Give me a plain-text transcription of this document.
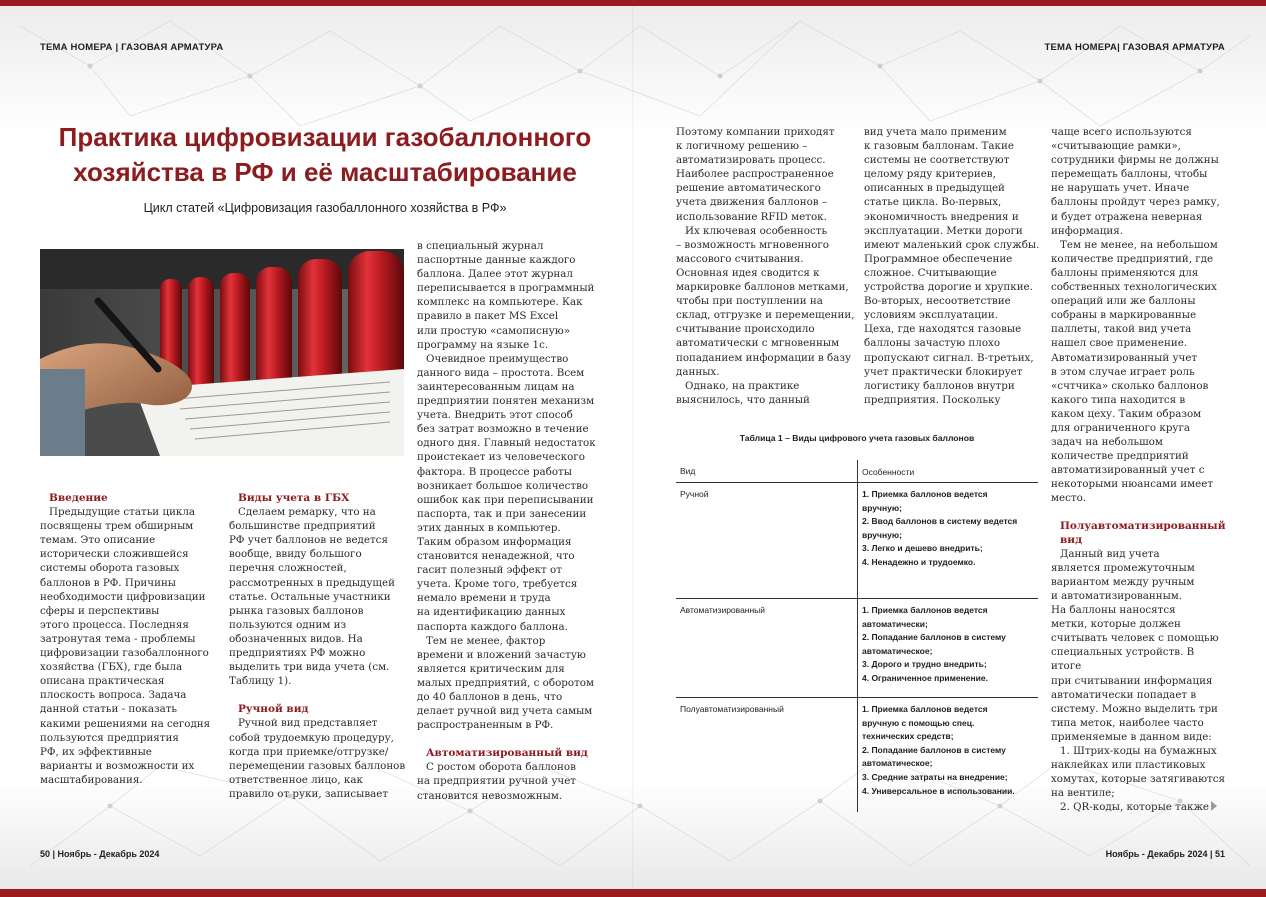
ТЕМА НОМЕРА | ГАЗОВАЯ АРМАТУРА	ТЕМА НОМЕРА| ГАЗОВАЯ АРМАТУРА
Практика цифровизации газобаллонного
хозяйства в РФ и её масштабирование
Цикл статей «Цифровизация газобаллонного хозяйства в РФ»
Введение

Предыдущие статьи цикла

посвящены трем обширным

темам. Это описание

исторически сложившейся

системы оборота газовых

баллонов в РФ. Причины

необходимости цифровизации

сферы и перспективы

этого процесса. Последняя

затронутая тема - проблемы

цифровизации газобаллонного

хозяйства (ГБХ), где была

описана практическая

плоскость вопроса. Задача

данной статьи - показать

какими решениями на сегодня

пользуются предприятия

РФ, их эффективные

варианты и возможности их

масштабирования.

Виды учета в ГБХ

Сделаем ремарку, что на

большинстве предприятий

РФ учет баллонов не ведется

вообще, ввиду большого

перечня сложностей,

рассмотренных в предыдущей

статье. Остальные участники

рынка газовых баллонов

пользуются одним из

обозначенных видов. На

предприятиях РФ можно

выделить три вида учета (см.

Таблицу 1).

Ручной вид

Ручной вид представляет

собой трудоемкую процедуру,

когда при приемке/отгрузке/

перемещении газовых баллонов

ответственное лицо, как

правило от руки, записывает

в специальный журнал

паспортные данные каждого

баллона. Далее этот журнал

переписывается в программный

комплекс на компьютере. Как

правило в пакет MS Excel

или простую «самописную»

программу на языке 1с.

Очевидное преимущество

данного вида – простота. Всем

заинтересованным лицам на

предприятии понятен механизм

учета. Внедрить этот способ

без затрат возможно в течение

одного дня. Главный недостаток

проистекает из человеческого

фактора. В процессе работы

возникает большое количество

ошибок как при переписывании

паспорта, так и при занесении

этих данных в компьютер.

Таким образом информация

становится ненадежной, что

гасит полезный эффект от

учета. Кроме того, требуется

немало времени и труда

на идентификацию данных

паспорта каждого баллона.

Тем не менее, фактор

времени и вложений зачастую

является критическим для

малых предприятий, с оборотом

до 40 баллонов в день, что

делает ручной вид учета самым

распространенным в РФ.

Автоматизированный вид

С ростом оборота баллонов

на предприятии ручной учет

становится невозможным.

Поэтому компании приходят

к логичному решению –

автоматизировать процесс.

Наиболее распространенное

решение автоматического

учета движения баллонов –

использование RFID меток.

Их ключевая особенность

– возможность мгновенного

массового считывания.

Основная идея сводится к

маркировке баллонов метками,

чтобы при поступлении на

склад, отгрузке и перемещении,

считывание происходило

автоматически с мгновенным

попаданием информации в базу

данных.

Однако, на практике

выяснилось, что данный

вид учета мало применим

к газовым баллонам. Такие

системы не соответствуют

целому ряду критериев,

описанных в предыдущей

статье цикла. Во-первых,

экономичность внедрения и

эксплуатации. Метки дороги

имеют маленький срок службы.

Программное обеспечение

сложное. Считывающие

устройства дорогие и хрупкие.

Во-вторых, несоответствие

условиям эксплуатации.

Цеха, где находятся газовые

баллоны зачастую плохо

пропускают сигнал. В-третьих,

учет практически блокирует

логистику баллонов внутри

предприятия. Поскольку

чаще всего используются

«считывающие рамки»,

сотрудники фирмы не должны

перемещать баллоны, чтобы

не нарушать учет. Иначе

баллоны пройдут через рамку,

и будет отражена неверная

информация.

Тем не менее, на небольшом

количестве предприятий, где

баллоны применяются для

собственных технологических

операций или же баллоны

собраны в маркированные

паллеты, такой вид учета

нашел свое применение.

Автоматизированный учет

в этом случае играет роль

«счтчика» сколько баллонов

какого типа находится в

каком цеху. Таким образом

для ограниченного круга

задач на небольшом

количестве предприятий

автоматизированный учет с

некоторыми нюансами имеет

место.

Полуавтоматизированный
вид

Данный вид учета

является промежуточным

вариантом между ручным

и автоматизированным.

На баллоны наносятся

метки, которые должен

считывать человек с помощью

специальных устройств. В итоге

при считывании информация

автоматически попадает в

систему. Можно выделить три

типа меток, наиболее часто

применяемые в данном виде:

1. Штрих-коды на бумажных

наклейках или пластиковых

хомутах, которые затягиваются

на вентиле;

2. QR-коды, которые также

Таблица 1 – Виды цифрового учета газовых баллонов
Вид	Особенности
Ручной	1. Приемка баллонов ведется
вручную;
2. Ввод баллонов в систему ведется
вручную;
3. Легко и дешево внедрить;
4. Ненадежно и трудоемко.
Автоматизированный	1. Приемка баллонов ведется
автоматически;
2. Попадание баллонов в систему
автоматическое;
3. Дорого и трудно внедрить;
4. Ограниченное применение.
Полуавтоматизированный	1. Приемка баллонов ведется
вручную с помощью спец.
технических средств;
2. Попадание баллонов в систему
автоматическое;
3. Средние затраты на внедрение;
4. Универсальное в использовании.
50 | Ноябрь - Декабрь 2024	Ноябрь - Декабрь 2024 | 51
